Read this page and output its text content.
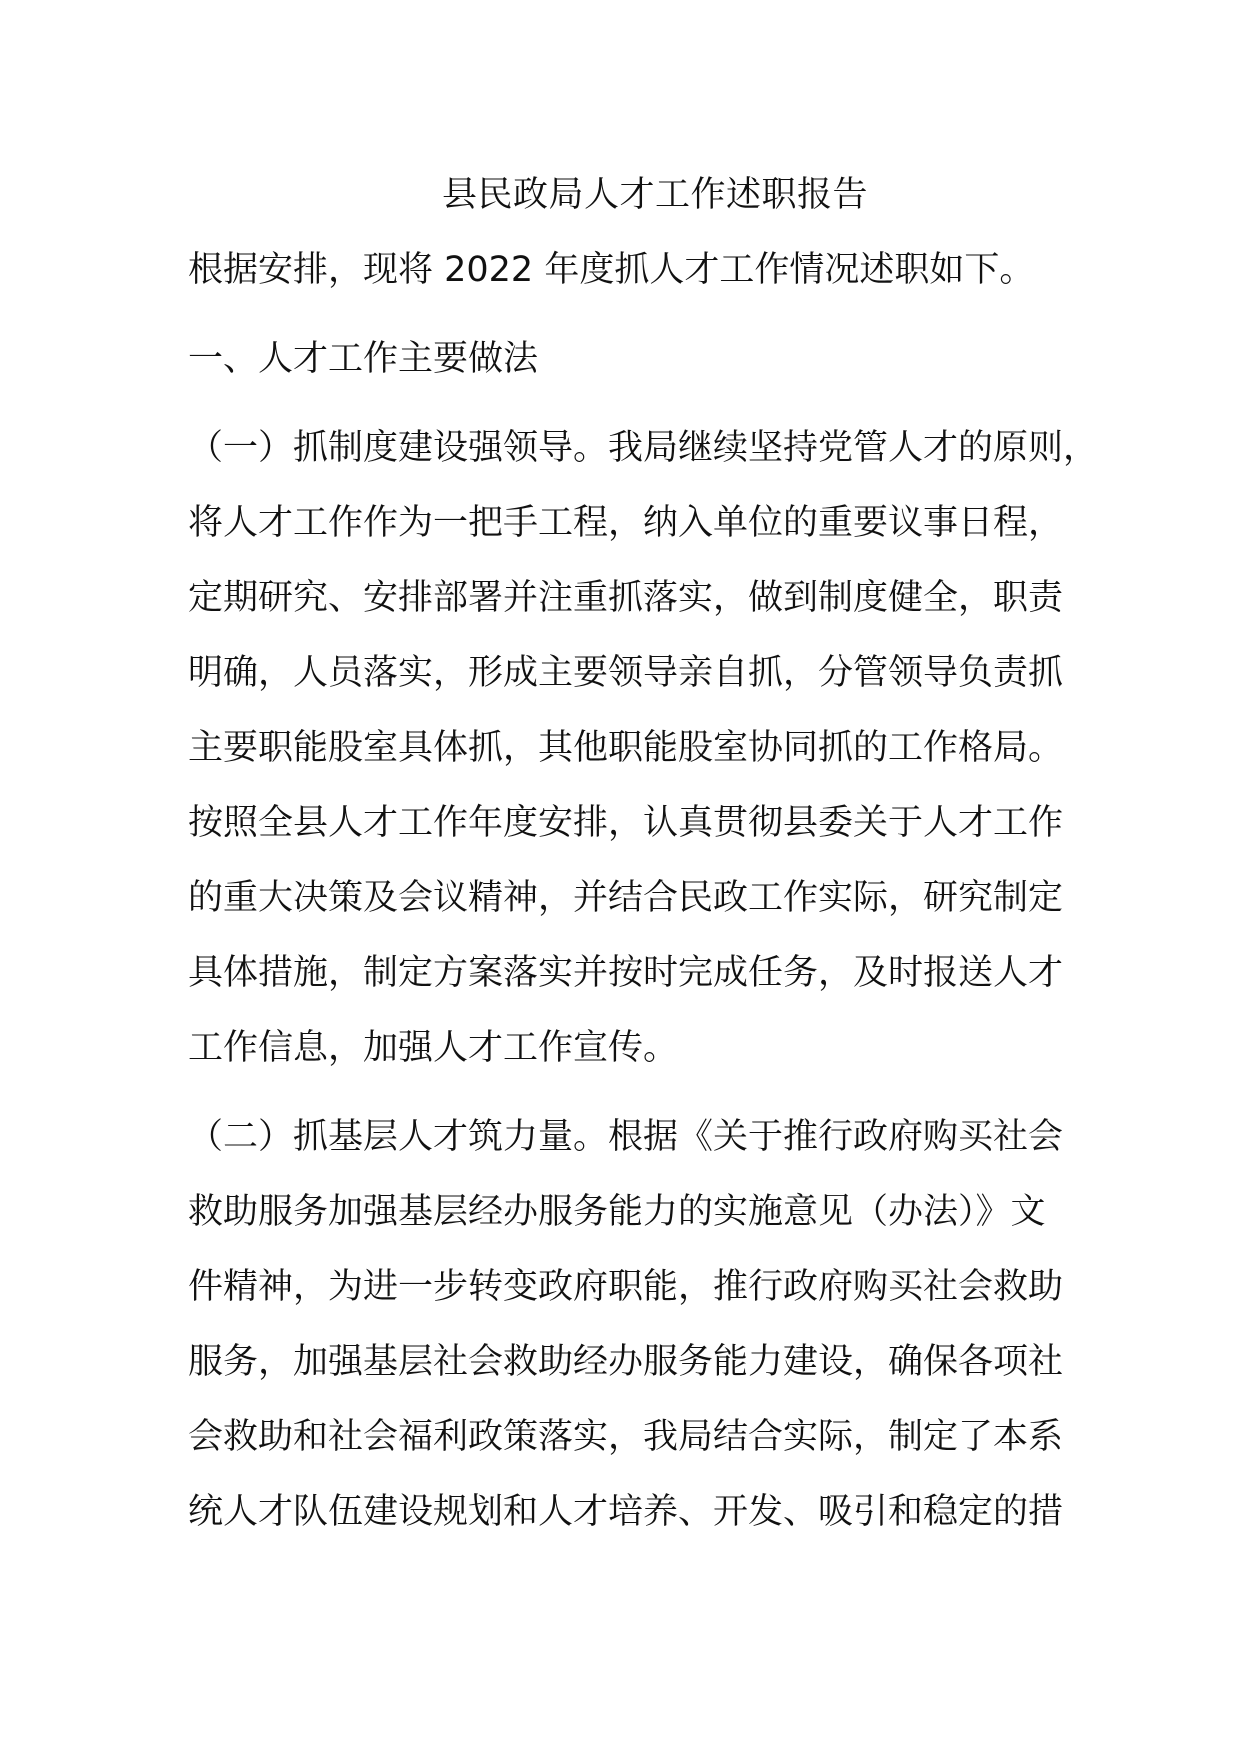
县民政局人才工作述职报告
根据安排，现将 2022 年度抓人才工作情况述职如下。
一、人才工作主要做法
（一）抓制度建设强领导。我局继续坚持党管人才的原则，
将人才工作作为一把手工程，纳入单位的重要议事日程，
定期研究、安排部署并注重抓落实，做到制度健全，职责
明确，人员落实，形成主要领导亲自抓，分管领导负责抓
主要职能股室具体抓，其他职能股室协同抓的工作格局。
按照全县人才工作年度安排，认真贯彻县委关于人才工作
的重大决策及会议精神，并结合民政工作实际，研究制定
具体措施，制定方案落实并按时完成任务，及时报送人才
工作信息，加强人才工作宣传。
（二）抓基层人才筑力量。根据《关于推行政府购买社会
救助服务加强基层经办服务能力的实施意见（办法）》文
件精神，为进一步转变政府职能，推行政府购买社会救助
服务，加强基层社会救助经办服务能力建设，确保各项社
会救助和社会福利政策落实，我局结合实际，制定了本系
统人才队伍建设规划和人才培养、开发、吸引和稳定的措
